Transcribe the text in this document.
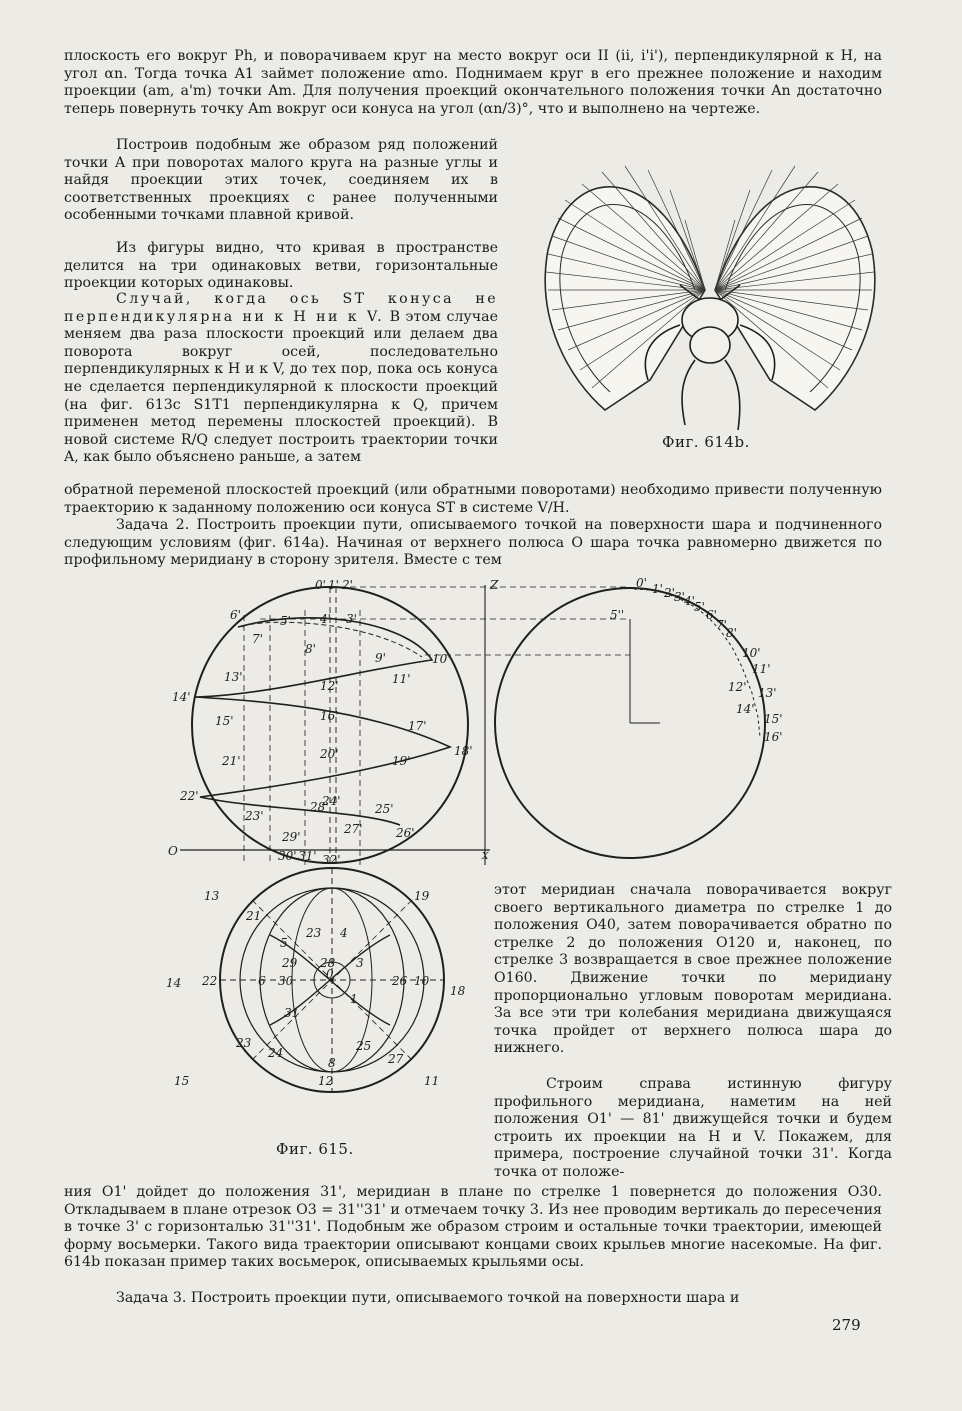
плоскость его вокруг Ph, и поворачиваем круг на место вокруг оси II (ii, i'i'), перпендикулярной к H, на угол αn. Тогда точка A1 займет положение αmo. Поднимаем круг в его прежнее положение и находим проекции (am, a'm) точки Am. Для получения проекций окончательного положения точки An достаточно теперь повернуть точку Am вокруг оси конуса на угол (αn/3)°, что и выполнено на чертеже.

Построив подобным же образом ряд положений точки A при поворотах малого круга на разные углы и найдя проекции этих точек, соединяем их в соответственных проекциях с ранее полученными особенными точками плавной кривой.

Из фигуры видно, что кривая в пространстве делится на три одинаковых ветви, горизонтальные проекции которых одинаковы.

Случай, когда ось ST конуса не перпендикулярна ни к H ни к V. В этом случае меняем два раза плоскости проекций или делаем два поворота вокруг осей, последовательно перпендикулярных к H и к V, до тех пор, пока ось конуса не сделается перпендикулярной к плоскости проекций (на фиг. 613c S1T1 перпендикулярна к Q, причем применен метод перемены плоскостей проекций). В новой системе R/Q следует построить траектории точки A, как было объяснено раньше, а затем

Фиг. 614b.

обратной переменой плоскостей проекций (или обратными поворотами) необходимо привести полученную траекторию к заданному положению оси конуса ST в системе V/H.

Задача 2. Построить проекции пути, описываемого точкой на поверхности шара и подчиненного следующим условиям (фиг. 614a). Начиная от верхнего полюса O шара точка равномерно движется по профильному меридиану в сторону зрителя. Вместе с тем

0' 1' 2'
6'	5' 4' 3'
7'
8'
9'	10'
13'	11'
12'
14'
15'	16'
17'
18'
20'	19'
21'
22'
23'
24'
25'
26'
27'
28'
29'
30' 31' 32'
O	X
Z	0' 1' 2' 3' 4' 5'
6'
7'
8'
10'
11'
12' 13'
14'
15'
16'
5''
13	19
21
23 4
5
29 28 3
14 22	6 30	0	26 10
18
31
1
23	25
8
12
15	11
27
24
Фиг. 615.

этот меридиан сначала поворачивается вокруг своего вертикального диаметра по стрелке 1 до положения O40, затем поворачивается обратно по стрелке 2 до положения O120 и, наконец, по стрелке 3 возвращается в свое прежнее положение O160. Движение точки по меридиану пропорционально угловым поворотам меридиана. За все эти три колебания меридиана движущаяся точка пройдет от верхнего полюса шара до нижнего.

Строим справа истинную фигуру профильного меридиана, наметим на ней положения O1' — 81' движущейся точки и будем строить их проекции на H и V. Покажем, для примера, построение случайной точки 31'. Когда точка от положе-

ния O1' дойдет до положения 31', меридиан в плане по стрелке 1 повернется до положения O30. Откладываем в плане отрезок O3 = 31''31' и отмечаем точку 3. Из нее проводим вертикаль до пересечения в точке 3' с горизонталью 31''31'. Подобным же образом строим и остальные точки траектории, имеющей форму восьмерки. Такого вида траектории описывают концами своих крыльев многие насекомые. На фиг. 614b показан пример таких восьмерок, описываемых крыльями осы.

Задача 3. Построить проекции пути, описываемого точкой на поверхности шара и

279
